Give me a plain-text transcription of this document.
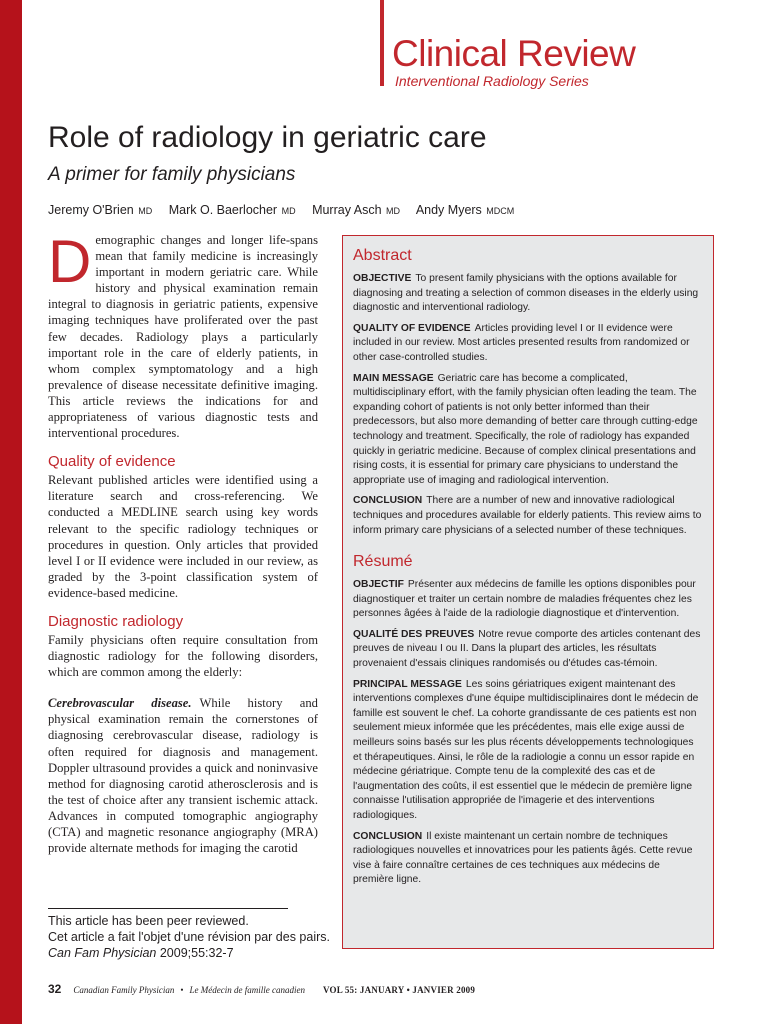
Clinical Review
Interventional Radiology Series
Role of radiology in geriatric care
A primer for family physicians
Jeremy O'Brien MD Mark O. Baerlocher MD Murray Asch MD Andy Myers MDCM

Demographic changes and longer life-spans mean that family medicine is increasingly important in modern geriatric care. While history and physical examination remain integral to diagnosis in geriatric patients, expensive imaging techniques have proliferated over the past few decades. Radiology plays a particularly important role in the care of elderly patients, in whom complex symptomatology and a high prevalence of disease necessitate definitive imaging. This article reviews the indications for and appropriateness of various diagnostic tests and interventional procedures.

Quality of evidence

Relevant published articles were identified using a literature search and cross-referencing. We conducted a MEDLINE search using key words relevant to the specific radiology techniques or procedures in question. Only articles that provided level I or II evidence were included in our review, as graded by the 3-point classification system of evidence-based medicine.

Diagnostic radiology

Family physicians often require consultation from diagnostic radiology for the following disorders, which are common among the elderly:

Cerebrovascular disease. While history and physical examination remain the cornerstones of diagnosing cerebrovascular disease, radiology is often required for diagnosis and management. Doppler ultrasound provides a quick and noninvasive method for diagnosing carotid atherosclerosis and is the test of choice after any transient ischemic attack. Advances in computed tomographic angiography (CTA) and magnetic resonance angiography (MRA) provide alternate methods for imaging the carotid

This article has been peer reviewed.
Cet article a fait l'objet d'une révision par des pairs.
Can Fam Physician 2009;55:32-7
Abstract

OBJECTIVE To present family physicians with the options available for diagnosing and treating a selection of common diseases in the elderly using diagnostic and interventional radiology.

QUALITY OF EVIDENCE Articles providing level I or II evidence were included in our review. Most articles presented results from randomized or other case-controlled studies.

MAIN MESSAGE Geriatric care has become a complicated, multidisciplinary effort, with the family physician often leading the team. The expanding cohort of patients is not only better informed than their predecessors, but also more demanding of better care through cutting-edge technology and treatment. Specifically, the role of radiology has expanded quickly in geriatric medicine. Because of complex clinical presentations and rising costs, it is essential for primary care physicians to understand the appropriate use of imaging and radiological intervention.

CONCLUSION There are a number of new and innovative radiological techniques and procedures available for elderly patients. This review aims to inform primary care physicians of a selected number of these techniques.

Résumé

OBJECTIF Présenter aux médecins de famille les options disponibles pour diagnostiquer et traiter un certain nombre de maladies fréquentes chez les personnes âgées à l'aide de la radiologie diagnostique et d'intervention.

QUALITÉ DES PREUVES Notre revue comporte des articles contenant des preuves de niveau I ou II. Dans la plupart des articles, les résultats provenaient d'essais cliniques randomisés ou d'études cas-témoin.

PRINCIPAL MESSAGE Les soins gériatriques exigent maintenant des interventions complexes d'une équipe multidisciplinaires dont le médecin de famille est souvent le chef. La cohorte grandissante de ces patients est non seulement mieux informée que les précédentes, mais elle exige aussi de meilleurs soins basés sur les plus récents développements technologiques et thérapeutiques. Ainsi, le rôle de la radiologie a connu un essor rapide en médecine gériatrique. Compte tenu de la complexité des cas et de l'augmentation des coûts, il est essentiel que le médecin de première ligne connaisse l'utilisation appropriée de l'imagerie et des interventions radiologiques.

CONCLUSION Il existe maintenant un certain nombre de techniques radiologiques nouvelles et innovatrices pour les patients âgés. Cette revue vise à faire connaître certaines de ces techniques aux médecins de première ligne.

32 Canadian Family Physician • Le Médecin de famille canadien VOL 55: JANUARY • JANVIER 2009
